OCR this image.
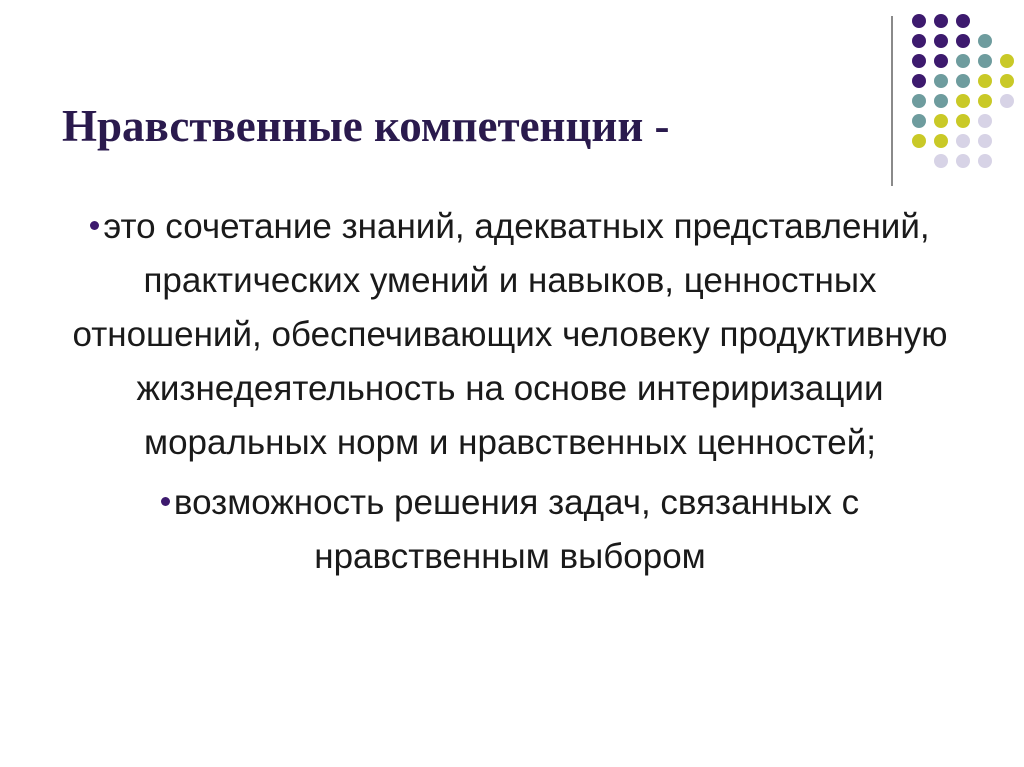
Нравственные компетенции -

это сочетание знаний, адекватных представлений, практических умений и навыков, ценностных отношений, обеспечивающих человеку продуктивную жизнедеятельность на основе интериризации моральных норм и нравственных ценностей;

возможность решения задач, связанных с нравственным выбором
